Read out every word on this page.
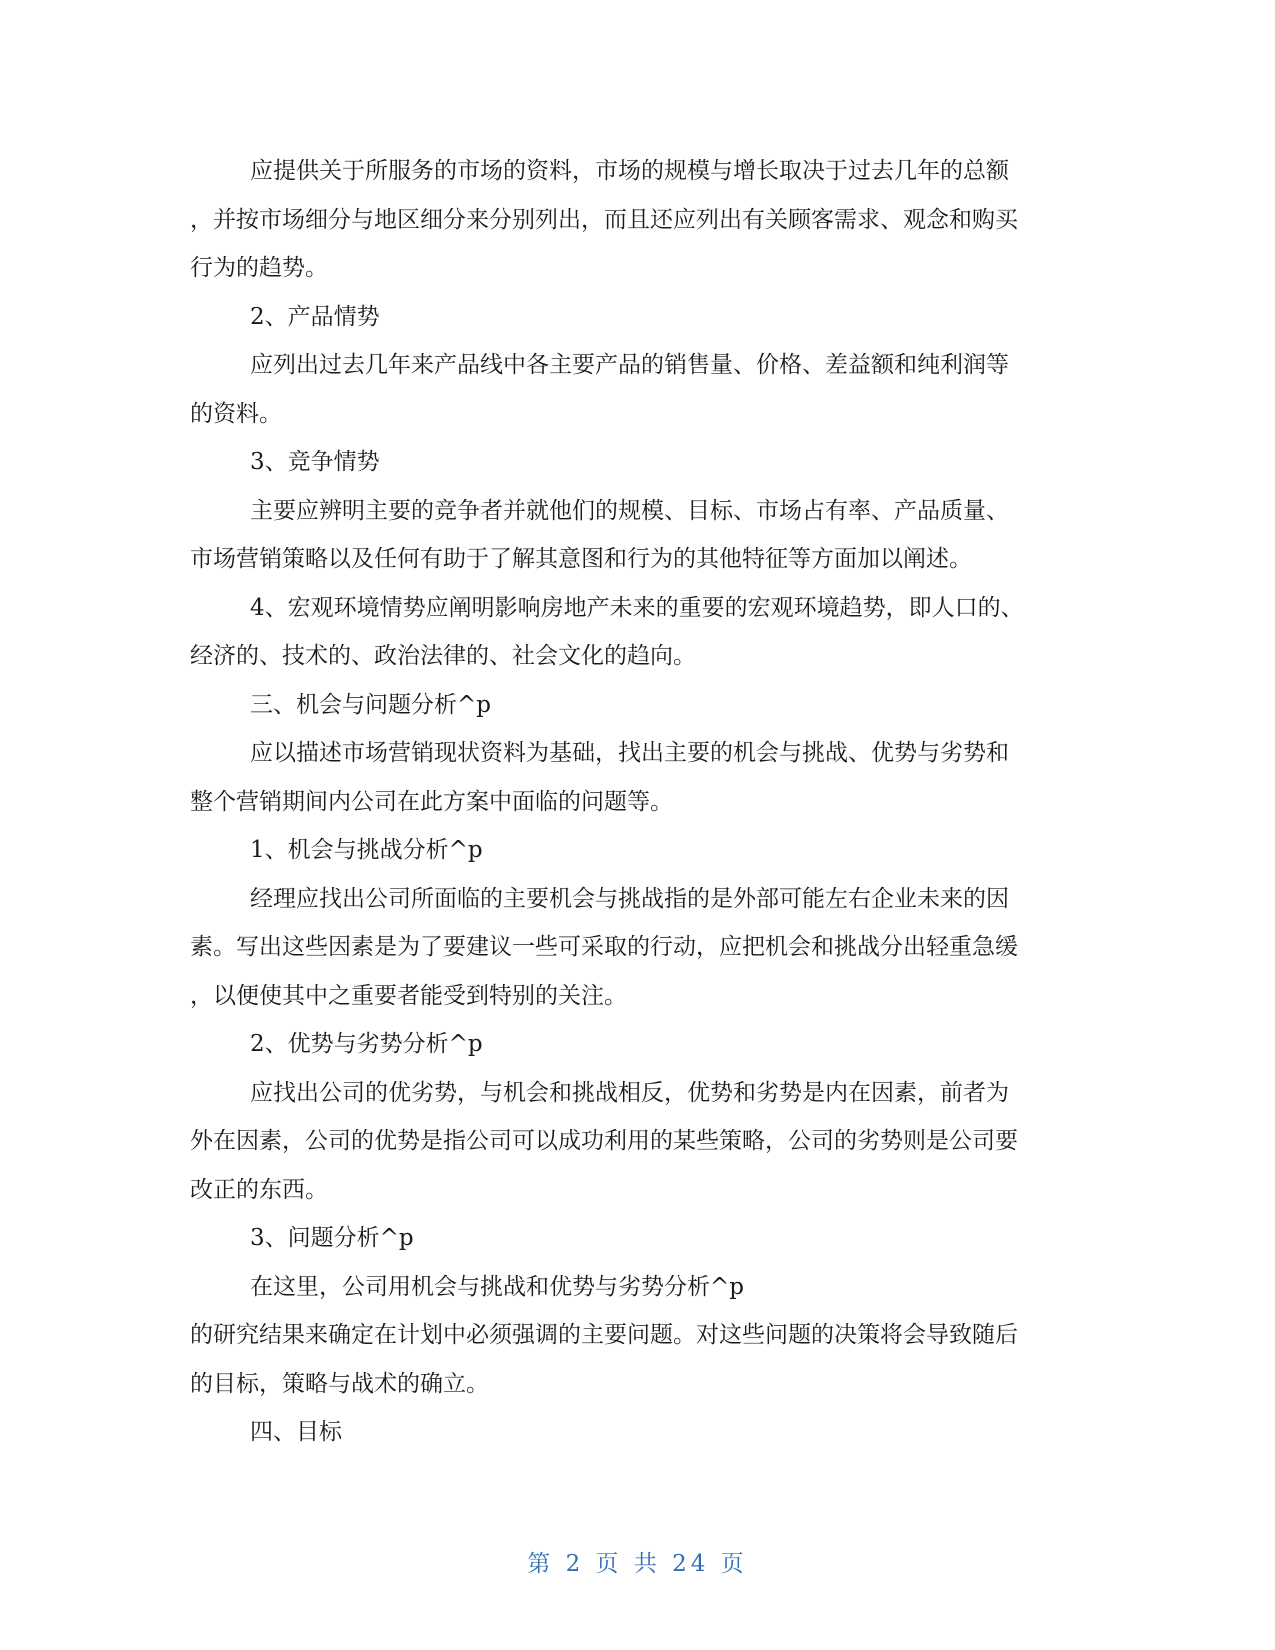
应提供关于所服务的市场的资料，市场的规模与增长取决于过去几年的总额
，并按市场细分与地区细分来分别列出，而且还应列出有关顾客需求、观念和购买
行为的趋势。
2、产品情势
应列出过去几年来产品线中各主要产品的销售量、价格、差益额和纯利润等
的资料。
3、竞争情势
主要应辨明主要的竞争者并就他们的规模、目标、市场占有率、产品质量、
市场营销策略以及任何有助于了解其意图和行为的其他特征等方面加以阐述。
4、宏观环境情势应阐明影响房地产未来的重要的宏观环境趋势，即人口的、
经济的、技术的、政治法律的、社会文化的趋向。
三、机会与问题分析^p
应以描述市场营销现状资料为基础，找出主要的机会与挑战、优势与劣势和
整个营销期间内公司在此方案中面临的问题等。
1、机会与挑战分析^p
经理应找出公司所面临的主要机会与挑战指的是外部可能左右企业未来的因
素。写出这些因素是为了要建议一些可采取的行动，应把机会和挑战分出轻重急缓
，以便使其中之重要者能受到特别的关注。
2、优势与劣势分析^p
应找出公司的优劣势，与机会和挑战相反，优势和劣势是内在因素，前者为
外在因素，公司的优势是指公司可以成功利用的某些策略，公司的劣势则是公司要
改正的东西。
3、问题分析^p
在这里，公司用机会与挑战和优势与劣势分析^p
的研究结果来确定在计划中必须强调的主要问题。对这些问题的决策将会导致随后
的目标，策略与战术的确立。
四、目标
第 2 页 共 24 页
